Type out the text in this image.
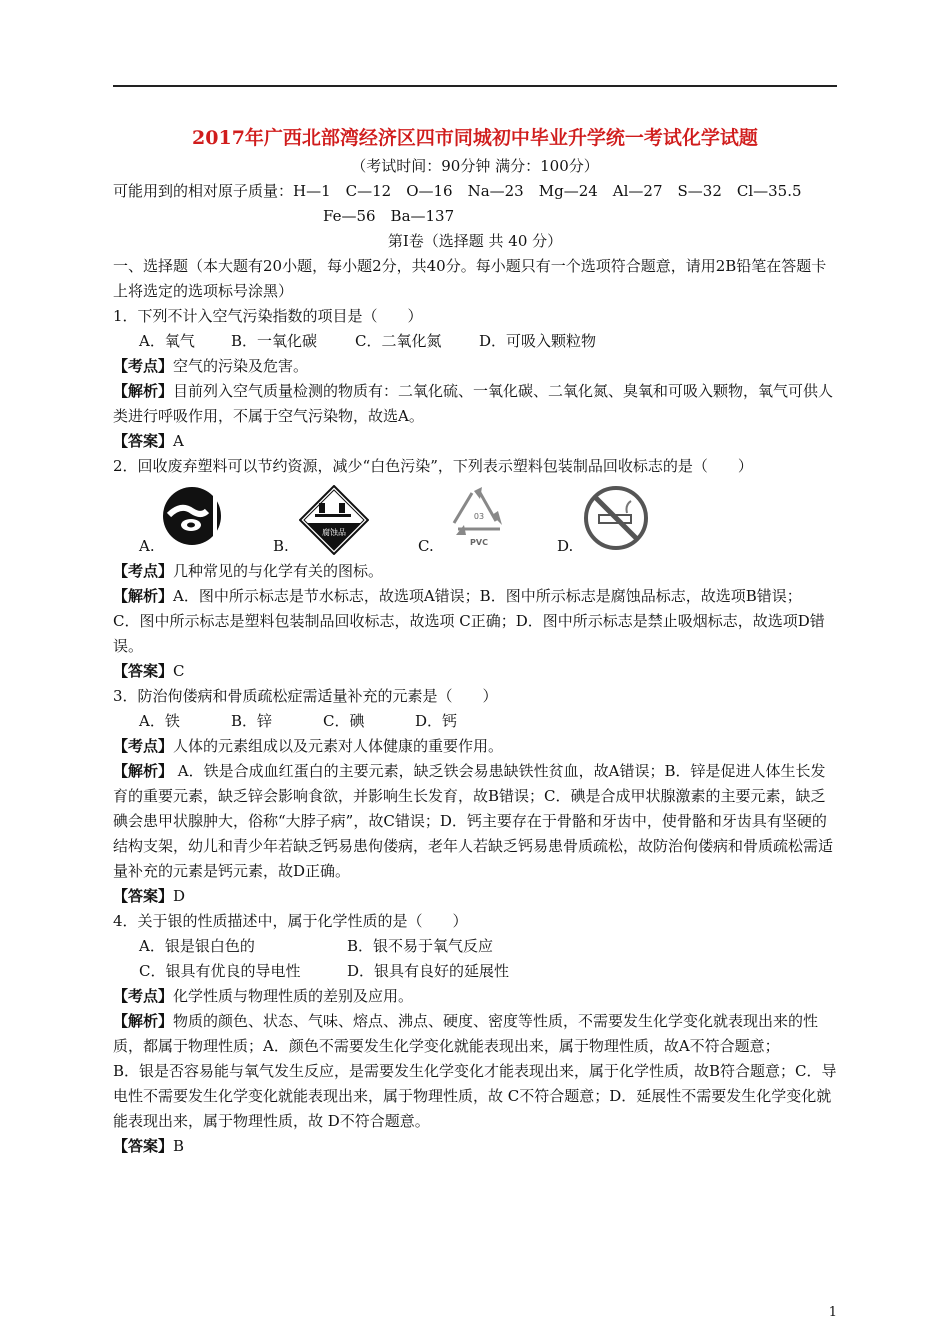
2017年广西北部湾经济区四市同城初中毕业升学统一考试化学试题

（考试时间：90分钟 满分：100分）

可能用到的相对原子质量：H—1　C—12　O—16　Na—23　Mg—24　Al—27　S—32　Cl—35.5

Fe—56　Ba—137

第Ⅰ卷（选择题 共 40 分）

一、选择题（本大题有20小题，每小题2分，共40分。每小题只有一个选项符合题意，请用2B铅笔在答题卡上将选定的选项标号涂黑）

1．下列不计入空气污染指数的项目是（　　）

A．氧气 B．一氧化碳	C．二氧化氮	D．可吸入颗粒物

【考点】空气的污染及危害。

【解析】目前列入空气质量检测的物质有：二氧化硫、一氧化碳、二氧化氮、臭氧和可吸入颗物，氧气可供人类进行呼吸作用，不属于空气污染物，故选A。

【答案】A

2．回收废弃塑料可以节约资源，减少“白色污染”，下列表示塑料包装制品回收标志的是（　　）

A.	B.
腐蚀品
C.
03
PVC	D.

【考点】几种常见的与化学有关的图标。

【解析】A．图中所示标志是节水标志，故选项A错误；B．图中所示标志是腐蚀品标志，故选项B错误；

C．图中所示标志是塑料包装制品回收标志，故选项 C正确；D．图中所示标志是禁止吸烟标志，故选项D错误。

【答案】C

3．防治佝偻病和骨质疏松症需适量补充的元素是（　　）

A．铁	B．锌	C．碘	D．钙

【考点】人体的元素组成以及元素对人体健康的重要作用。

【解析】 A．铁是合成血红蛋白的主要元素，缺乏铁会易患缺铁性贫血，故A错误；B．锌是促进人体生长发育的重要元素，缺乏锌会影响食欲，并影响生长发育，故B错误；C．碘是合成甲状腺激素的主要元素，缺乏碘会患甲状腺肿大，俗称“大脖子病”，故C错误；D．钙主要存在于骨骼和牙齿中，使骨骼和牙齿具有坚硬的结构支架，幼儿和青少年若缺乏钙易患佝偻病，老年人若缺乏钙易患骨质疏松，故防治佝偻病和骨质疏松需适量补充的元素是钙元素，故D正确。

【答案】D

4．关于银的性质描述中，属于化学性质的是（　　）

A．银是银白色的	B．银不易于氧气反应

C．银具有优良的导电性	D．银具有良好的延展性

【考点】化学性质与物理性质的差别及应用。

【解析】物质的颜色、状态、气味、熔点、沸点、硬度、密度等性质，不需要发生化学变化就表现出来的性质，都属于物理性质；A．颜色不需要发生化学变化就能表现出来，属于物理性质，故A不符合题意；

B．银是否容易能与氧气发生反应，是需要发生化学变化才能表现出来，属于化学性质，故B符合题意；C．导电性不需要发生化学变化就能表现出来，属于物理性质，故 C不符合题意；D．延展性不需要发生化学变化就能表现出来，属于物理性质，故 D不符合题意。

【答案】B

1
